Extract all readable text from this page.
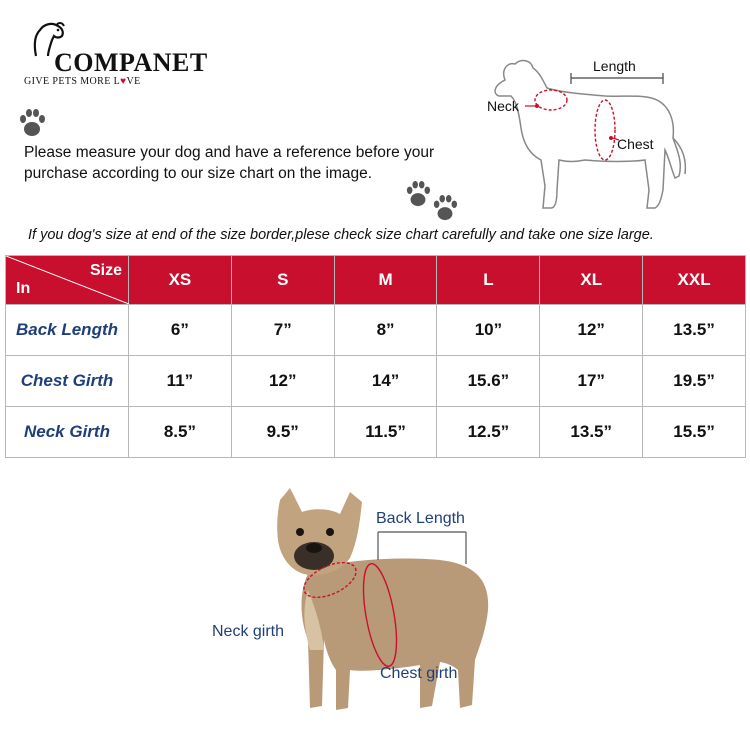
COMPANET
GIVE PETS MORE L♥VE
Please measure your dog and have a reference before your purchase according to our size chart on the image.
Length
Neck
Chest
If you dog's size at end of the size border,plese check size chart carefully and take one size large.
Size
In	XS	S	M	L	XL	XXL
Back Length	6”	7”	8”	10”	12”	13.5”
Chest Girth	11”	12”	14”	15.6”	17”	19.5”
Neck Girth	8.5”	9.5”	11.5”	12.5”	13.5”	15.5”
Back Length
Neck girth
Chest girth
